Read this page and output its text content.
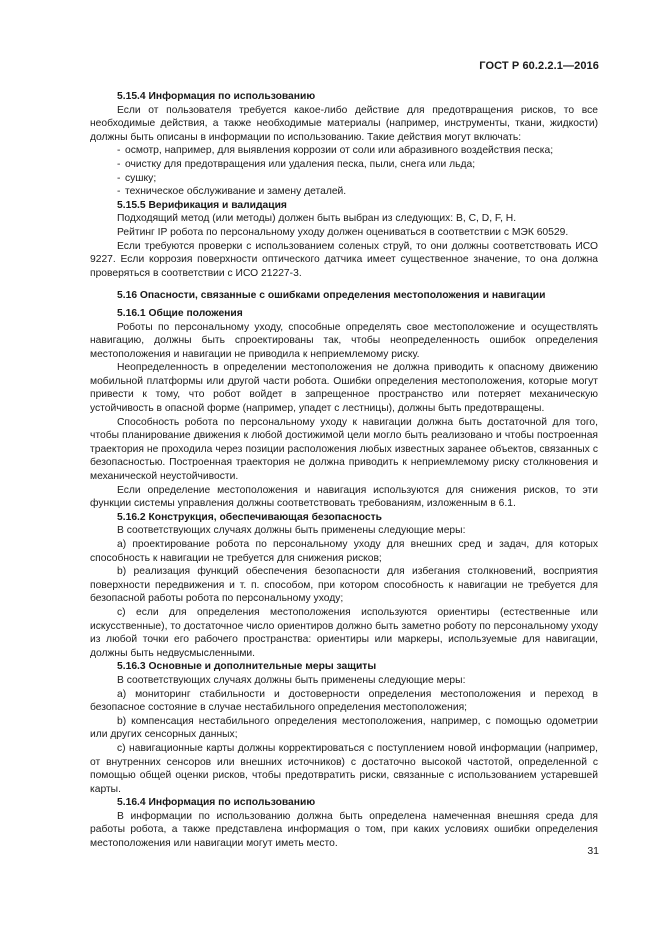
ГОСТ Р 60.2.2.1—2016
5.15.4 Информация по использованию

Если от пользователя требуется какое-либо действие для предотвращения рисков, то все необходимые действия, а также необходимые материалы (например, инструменты, ткани, жидкости) должны быть описаны в информации по использованию. Такие действия могут включать:

- осмотр, например, для выявления коррозии от соли или абразивного воздействия песка;
- очистку для предотвращения или удаления песка, пыли, снега или льда;
- сушку;
- техническое обслуживание и замену деталей.
5.15.5 Верификация и валидация

Подходящий метод (или методы) должен быть выбран из следующих: В, С, D, F, H.

Рейтинг IP робота по персональному уходу должен оцениваться в соответствии с МЭК 60529.

Если требуются проверки с использованием соленых струй, то они должны соответствовать ИСО 9227. Если коррозия поверхности оптического датчика имеет существенное значение, то она должна проверяться в соответствии с ИСО 21227-3.

5.16 Опасности, связанные с ошибками определения местоположения и навигации
5.16.1 Общие положения

Роботы по персональному уходу, способные определять свое местоположение и осуществлять навигацию, должны быть спроектированы так, чтобы неопределенность ошибок определения местоположения и навигации не приводила к неприемлемому риску.

Неопределенность в определении местоположения не должна приводить к опасному движению мобильной платформы или другой части робота. Ошибки определения местоположения, которые могут привести к тому, что робот войдет в запрещенное пространство или потеряет механическую устойчивость в опасной форме (например, упадет с лестницы), должны быть предотвращены.

Способность робота по персональному уходу к навигации должна быть достаточной для того, чтобы планирование движения к любой достижимой цели могло быть реализовано и чтобы построенная траектория не проходила через позиции расположения любых известных заранее объектов, связанных с безопасностью. Построенная траектория не должна приводить к неприемлемому риску столкновения и механической неустойчивости.

Если определение местоположения и навигация используются для снижения рисков, то эти функции системы управления должны соответствовать требованиям, изложенным в 6.1.

5.16.2 Конструкция, обеспечивающая безопасность

В соответствующих случаях должны быть применены следующие меры:

а) проектирование робота по персональному уходу для внешних сред и задач, для которых способность к навигации не требуется для снижения рисков;

b) реализация функций обеспечения безопасности для избегания столкновений, восприятия поверхности передвижения и т. п. способом, при котором способность к навигации не требуется для безопасной работы робота по персональному уходу;

с) если для определения местоположения используются ориентиры (естественные или искусственные), то достаточное число ориентиров должно быть заметно роботу по персональному уходу из любой точки его рабочего пространства: ориентиры или маркеры, используемые для навигации, должны быть недвусмысленными.

5.16.3 Основные и дополнительные меры защиты

В соответствующих случаях должны быть применены следующие меры:

а) мониторинг стабильности и достоверности определения местоположения и переход в безопасное состояние в случае нестабильного определения местоположения;

b) компенсация нестабильного определения местоположения, например, с помощью одометрии или других сенсорных данных;

с) навигационные карты должны корректироваться с поступлением новой информации (например, от внутренних сенсоров или внешних источников) с достаточно высокой частотой, определенной с помощью общей оценки рисков, чтобы предотвратить риски, связанные с использованием устаревшей карты.

5.16.4 Информация по использованию

В информации по использованию должна быть определена намеченная внешняя среда для работы робота, а также представлена информация о том, при каких условиях ошибки определения местоположения или навигации могут иметь место.

31
